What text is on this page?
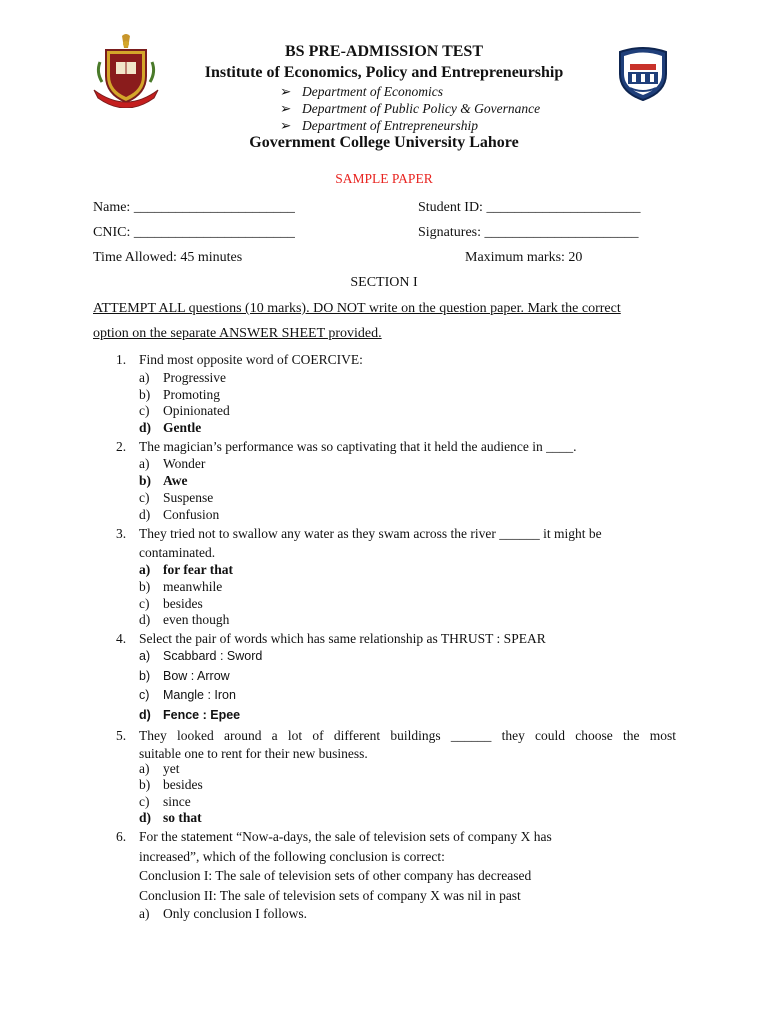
BS PRE-ADMISSION TEST
Institute of Economics, Policy and Entrepreneurship
➢ Department of Economics
➢ Department of Public Policy & Governance
➢ Department of Entrepreneurship
Government College University Lahore
SAMPLE PAPER
Name: _______________________	Student ID: ______________________
CNIC: _______________________	Signatures: ______________________
Time Allowed: 45 minutes	Maximum marks: 20
SECTION I
ATTEMPT ALL questions (10 marks). DO NOT write on the question paper. Mark the correct option on the separate ANSWER SHEET provided.
1. Find most opposite word of COERCIVE:
a) Progressive
b) Promoting
c) Opinionated
d) Gentle
2. The magician’s performance was so captivating that it held the audience in ____.
a) Wonder
b) Awe
c) Suspense
d) Confusion
3. They tried not to swallow any water as they swam across the river ______ it might be
contaminated.
a) for fear that
b) meanwhile
c) besides
d) even though
4. Select the pair of words which has same relationship as THRUST : SPEAR
a) Scabbard : Sword
b) Bow : Arrow
c) Mangle : Iron
d) Fence : Epee
5. They looked around a lot of different buildings ______ they could choose the most
suitable one to rent for their new business.
a) yet
b) besides
c) since
d) so that
6. For the statement “Now-a-days, the sale of television sets of company X has
increased”, which of the following conclusion is correct:
Conclusion I: The sale of television sets of other company has decreased
Conclusion II: The sale of television sets of company X was nil in past
a) Only conclusion I follows.
